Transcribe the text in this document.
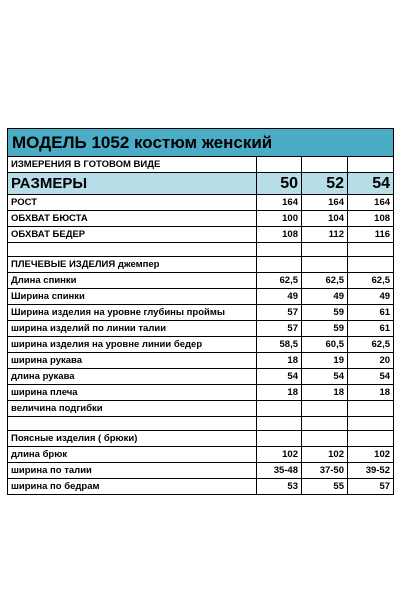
МОДЕЛЬ 1052 костюм женский			
ИЗМЕРЕНИЯ В ГОТОВОМ ВИДЕ			
РАЗМЕРЫ	50	52	54
РОСТ	164	164	164
ОБХВАТ БЮСТА	100	104	108
ОБХВАТ БЕДЕР	108	112	116

ПЛЕЧЕВЫЕ ИЗДЕЛИЯ джемпер			
Длина спинки	62,5	62,5	62,5
Ширина спинки	49	49	49
Ширина изделия на уровне глубины проймы	57	59	61
ширина изделий по линии талии	57	59	61
ширина изделия на уровне линии бедер	58,5	60,5	62,5
ширина рукава	18	19	20
длина рукава	54	54	54
ширина плеча	18	18	18
величина подгибки			

Поясные изделия ( брюки)			
длина брюк	102	102	102
ширина по талии	35-48	37-50	39-52
ширина по бедрам	53	55	57
